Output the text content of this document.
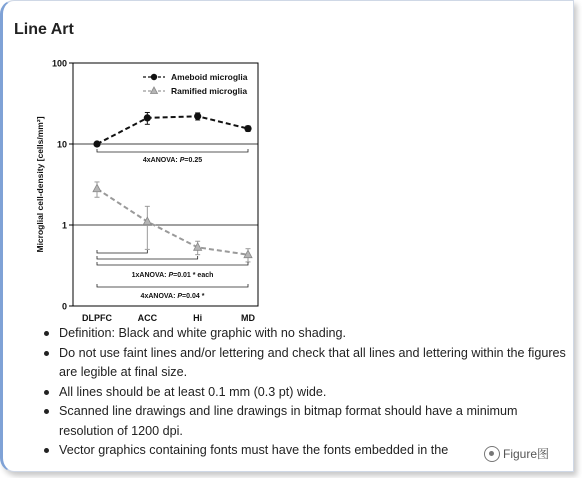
Line Art
100
10
1
0
Microglial cell-density [cells/mm²]
DLPFC	ACC	Hi	MD
Ameboid microglia
Ramified microglia
4xANOVA: P=0.25
1xANOVA: P=0.01 * each
4xANOVA: P=0.04 *
Definition: Black and white graphic with no shading.
Do not use faint lines and/or lettering and check that all lines and lettering within the figures are legible at final size.
All lines should be at least 0.1 mm (0.3 pt) wide.
Scanned line drawings and line drawings in bitmap format should have a minimum resolution of 1200 dpi.
Vector graphics containing fonts must have the fonts embedded in the	Figure图
